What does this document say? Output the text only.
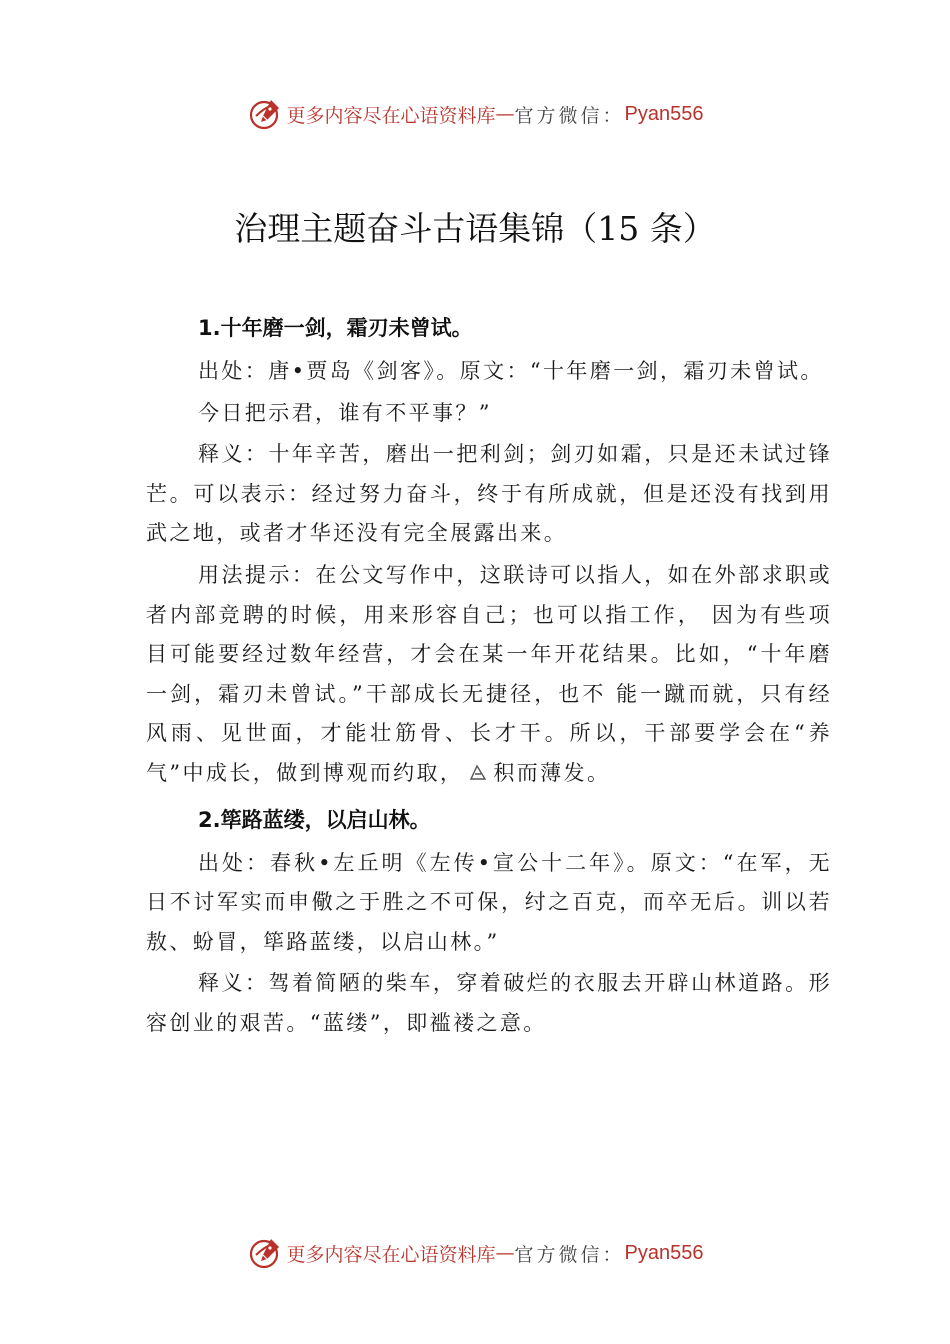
更多内容尽在心语资料库 — 官方微信： Pyan556
治理主题奋斗古语集锦（15 条）

1.十年磨一剑，霜刃未曾试。

出处：唐•贾岛《剑客》。原文：“十年磨一剑，霜刃未曾试。

今日把示君，谁有不平事？”

释义：十年辛苦，磨出一把利剑；剑刃如霜，只是还未试过锋芒。可以表示：经过努力奋斗，终于有所成就，但是还没有找到用武之地，或者才华还没有完全展露出来。

用法提示：在公文写作中，这联诗可以指人，如在外部求职或者内部竞聘的时候，用来形容自己；也可以指工作， 因为有些项目可能要经过数年经营，才会在某一年开花结果。比如，“十年磨一剑，霜刃未曾试。”干部成长无捷径，也不 能一蹴而就，只有经风雨、见世面，才能壮筋骨、长才干。所以，干部要学会在“养气”中成长，做到博观而约取， 积而薄发。

2.筚路蓝缕，以启山林。

出处：春秋•左丘明《左传•宣公十二年》。原文：“在军，无日不讨军实而申儆之于胜之不可保，纣之百克，而卒无后。训以若敖、蚡冒，筚路蓝缕，以启山林。”

释义：驾着简陋的柴车，穿着破烂的衣服去开辟山林道路。形容创业的艰苦。“蓝缕”，即褴褛之意。

更多内容尽在心语资料库 — 官方微信： Pyan556
